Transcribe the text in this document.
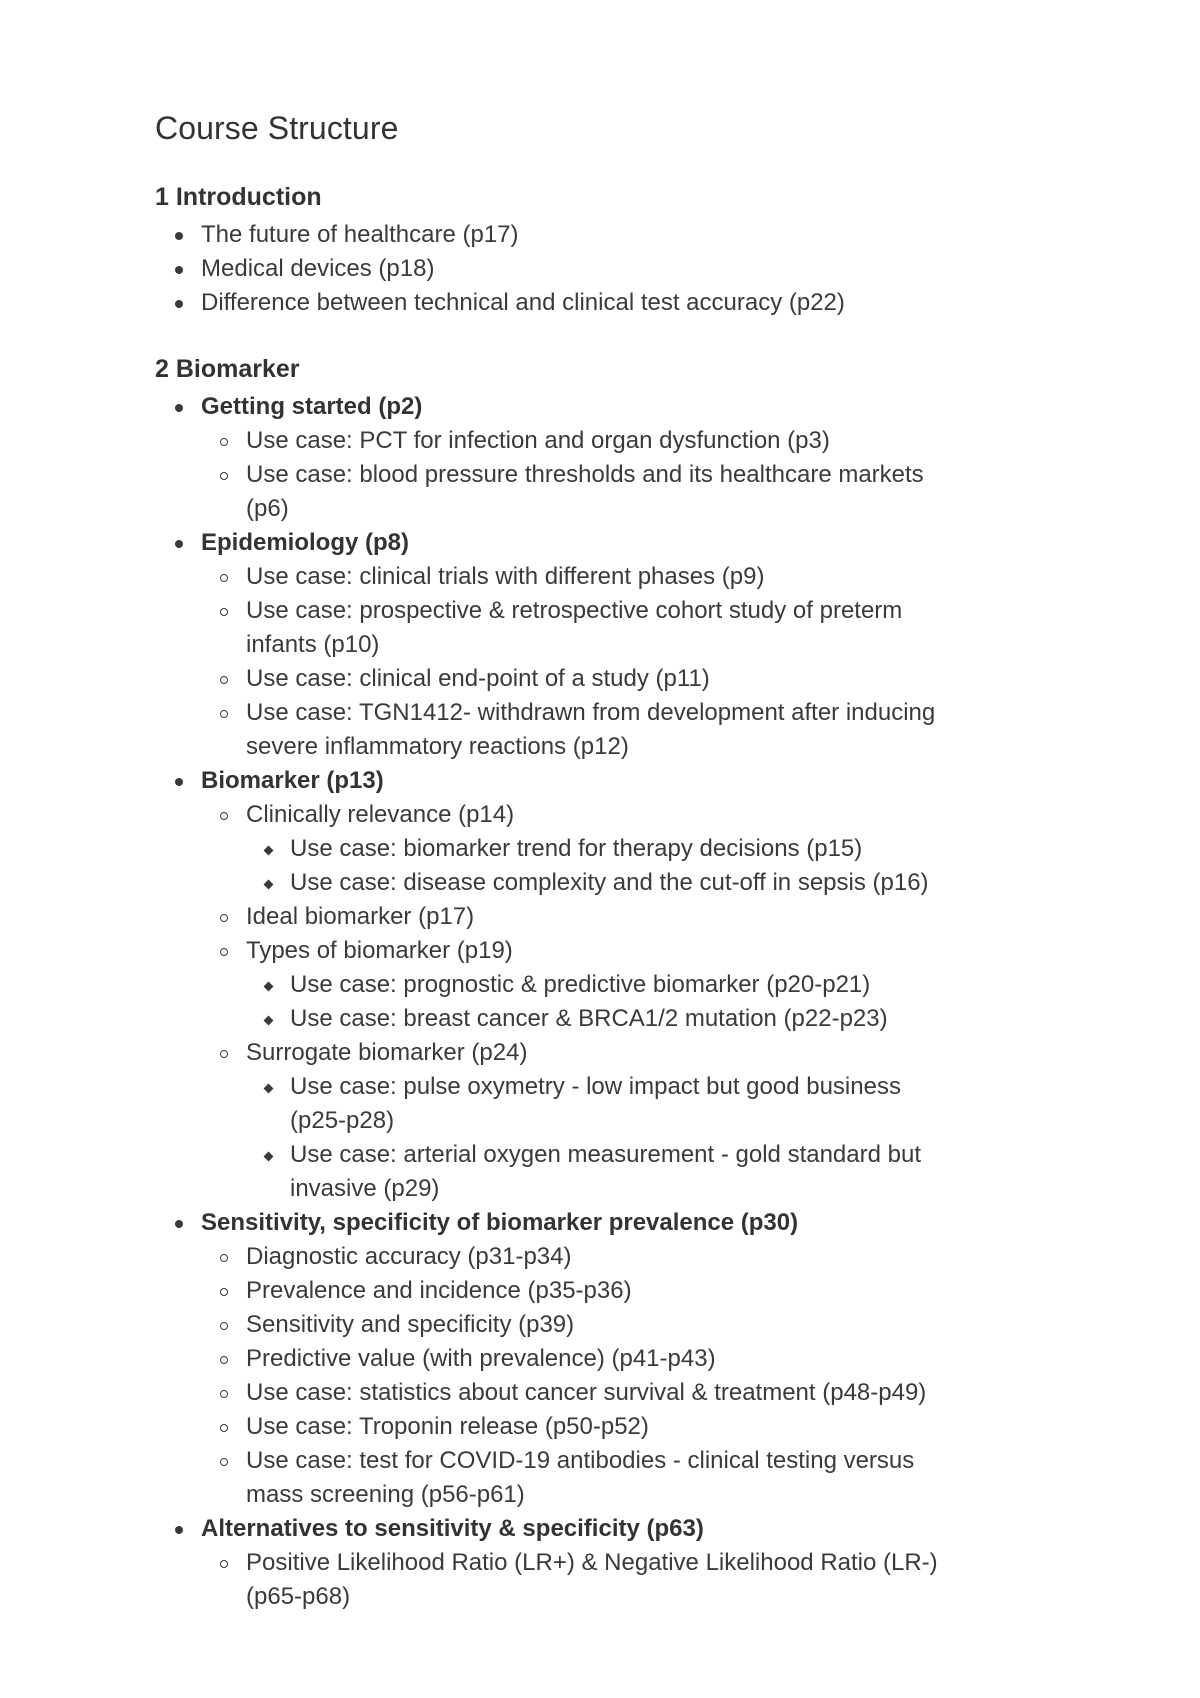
Course Structure
1 Introduction
The future of healthcare (p17)
Medical devices (p18)
Difference between technical and clinical test accuracy (p22)
2 Biomarker
Getting started (p2)
Use case: PCT for infection and organ dysfunction (p3)
Use case: blood pressure thresholds and its healthcare markets
(p6)
Epidemiology (p8)
Use case: clinical trials with different phases (p9)
Use case: prospective & retrospective cohort study of preterm
infants (p10)
Use case: clinical end-point of a study (p11)
Use case: TGN1412- withdrawn from development after inducing
severe inflammatory reactions (p12)
Biomarker (p13)
Clinically relevance (p14)
Use case: biomarker trend for therapy decisions (p15)
Use case: disease complexity and the cut-off in sepsis (p16)
Ideal biomarker (p17)
Types of biomarker (p19)
Use case: prognostic & predictive biomarker (p20-p21)
Use case: breast cancer & BRCA1/2 mutation (p22-p23)
Surrogate biomarker (p24)
Use case: pulse oxymetry - low impact but good business
(p25-p28)
Use case: arterial oxygen measurement - gold standard but
invasive (p29)
Sensitivity, specificity of biomarker prevalence (p30)
Diagnostic accuracy (p31-p34)
Prevalence and incidence (p35-p36)
Sensitivity and specificity (p39)
Predictive value (with prevalence) (p41-p43)
Use case: statistics about cancer survival & treatment (p48-p49)
Use case: Troponin release (p50-p52)
Use case: test for COVID-19 antibodies - clinical testing versus
mass screening (p56-p61)
Alternatives to sensitivity & specificity (p63)
Positive Likelihood Ratio (LR+) & Negative Likelihood Ratio (LR-)
(p65-p68)
